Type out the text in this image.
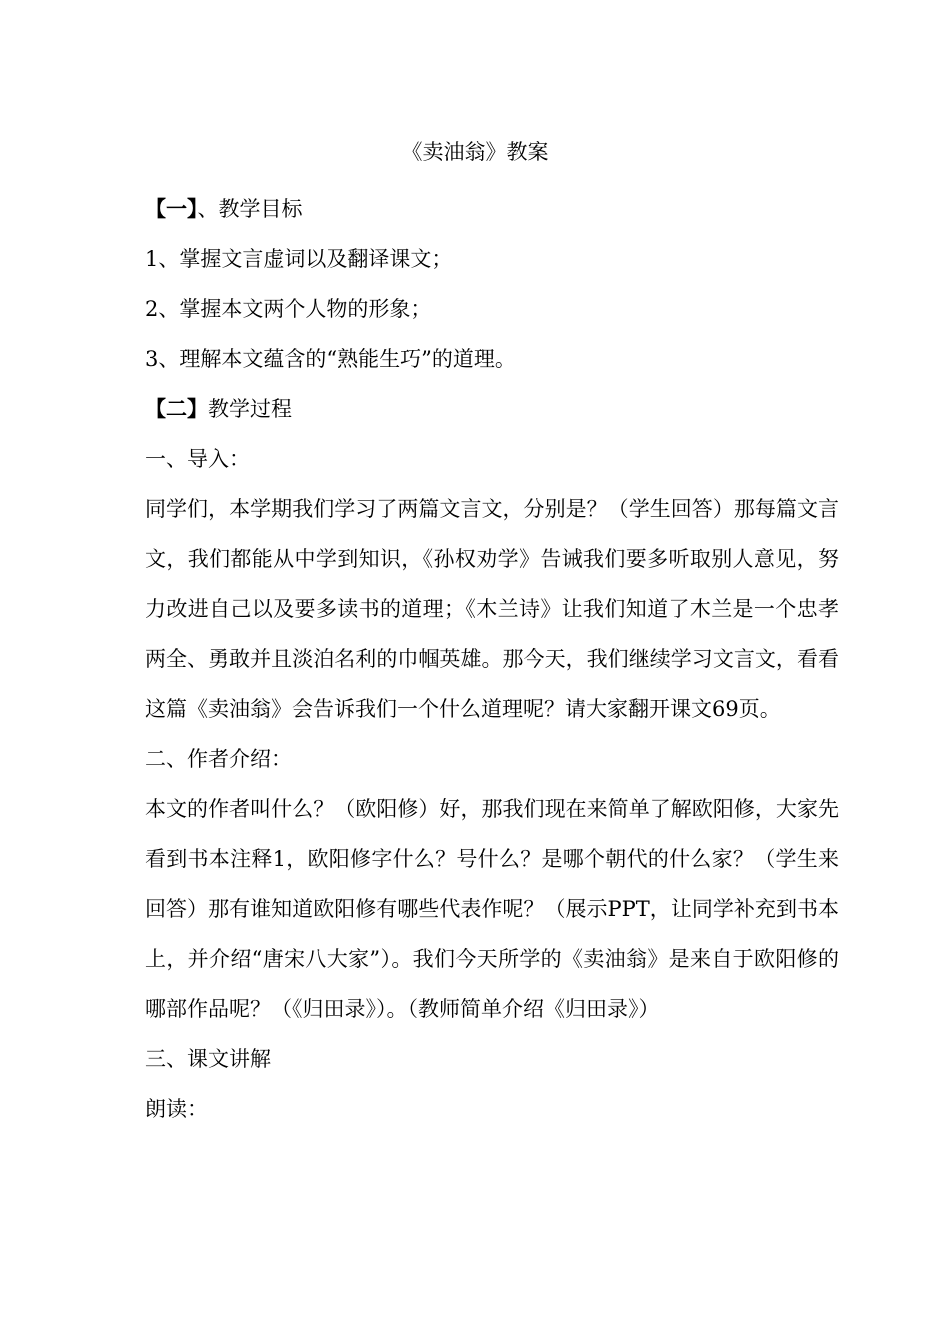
《卖油翁》教案
【一】、教学目标
1、掌握文言虚词以及翻译课文；
2、掌握本文两个人物的形象；
3、理解本文蕴含的“熟能生巧”的道理。
【二】教学过程
一、导入：
同学们，本学期我们学习了两篇文言文，分别是？（学生回答）那每篇文言文，我们都能从中学到知识，《孙权劝学》告诫我们要多听取别人意见，努力改进自己以及要多读书的道理；《木兰诗》让我们知道了木兰是一个忠孝两全、勇敢并且淡泊名利的巾帼英雄。那今天，我们继续学习文言文，看看这篇《卖油翁》会告诉我们一个什么道理呢？请大家翻开课文69页。
二、作者介绍：
本文的作者叫什么？（欧阳修）好，那我们现在来简单了解欧阳修，大家先看到书本注释1，欧阳修字什么？号什么？是哪个朝代的什么家？（学生来回答）那有谁知道欧阳修有哪些代表作呢？（展示PPT，让同学补充到书本上，并介绍“唐宋八大家”）。我们今天所学的《卖油翁》是来自于欧阳修的哪部作品呢？（《归田录》）。（教师简单介绍《归田录》）
三、课文讲解
朗读：
